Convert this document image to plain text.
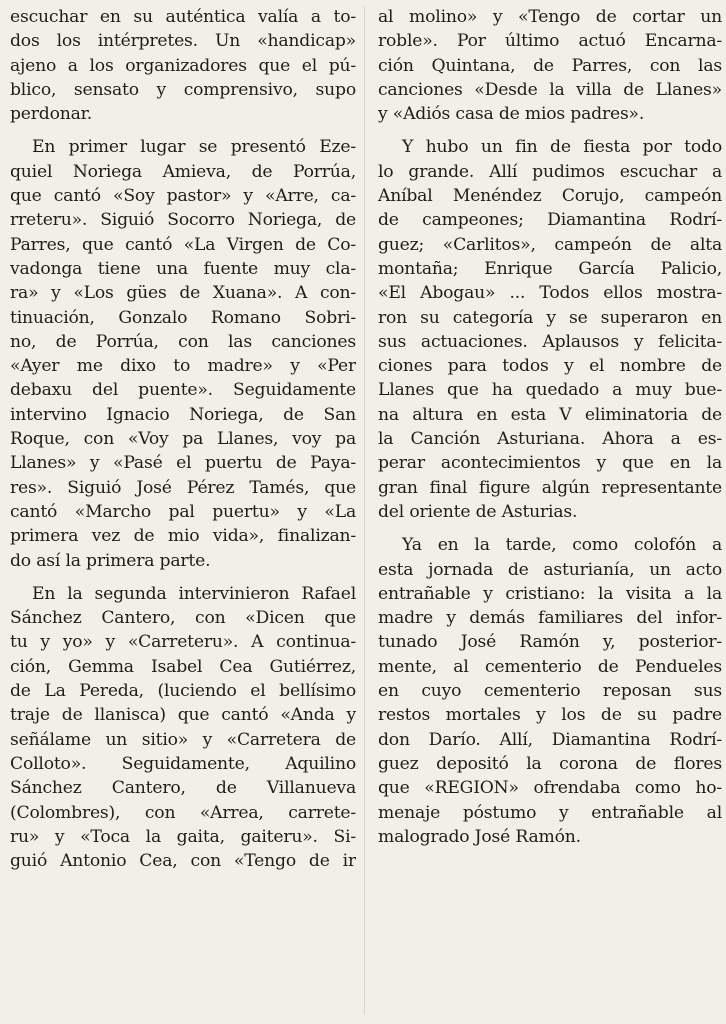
escuchar en su auténtica valía a to-
dos los intérpretes. Un «handicap»
ajeno a los organizadores que el pú-
blico, sensato y comprensivo, supo
perdonar.
En primer lugar se presentó Eze-
quiel Noriega Amieva, de Porrúa,
que cantó «Soy pastor» y «Arre, ca-
rreteru». Siguió Socorro Noriega, de
Parres, que cantó «La Virgen de Co-
vadonga tiene una fuente muy cla-
ra» y «Los gües de Xuana». A con-
tinuación, Gonzalo Romano Sobri-
no, de Porrúa, con las canciones
«Ayer me dixo to madre» y «Per
debaxu del puente». Seguidamente
intervino Ignacio Noriega, de San
Roque, con «Voy pa Llanes, voy pa
Llanes» y «Pasé el puertu de Paya-
res». Siguió José Pérez Tamés, que
cantó «Marcho pal puertu» y «La
primera vez de mio vida», finalizan-
do así la primera parte.
En la segunda intervinieron Rafael
Sánchez Cantero, con «Dicen que
tu y yo» y «Carreteru». A continua-
ción, Gemma Isabel Cea Gutiérrez,
de La Pereda, (luciendo el bellísimo
traje de llanisca) que cantó «Anda y
señálame un sitio» y «Carretera de
Colloto». Seguidamente, Aquilino
Sánchez Cantero, de Villanueva
(Colombres), con «Arrea, carrete-
ru» y «Toca la gaita, gaiteru». Si-
guió Antonio Cea, con «Tengo de ir
al molino» y «Tengo de cortar un
roble». Por último actuó Encarna-
ción Quintana, de Parres, con las
canciones «Desde la villa de Llanes»
y «Adiós casa de mios padres».
Y hubo un fin de fiesta por todo
lo grande. Allí pudimos escuchar a
Aníbal Menéndez Corujo, campeón
de campeones; Diamantina Rodrí-
guez; «Carlitos», campeón de alta
montaña; Enrique García Palicio,
«El Abogau» ... Todos ellos mostra-
ron su categoría y se superaron en
sus actuaciones. Aplausos y felicita-
ciones para todos y el nombre de
Llanes que ha quedado a muy bue-
na altura en esta V eliminatoria de
la Canción Asturiana. Ahora a es-
perar acontecimientos y que en la
gran final figure algún representante
del oriente de Asturias.
Ya en la tarde, como colofón a
esta jornada de asturianía, un acto
entrañable y cristiano: la visita a la
madre y demás familiares del infor-
tunado José Ramón y, posterior-
mente, al cementerio de Pendueles
en cuyo cementerio reposan sus
restos mortales y los de su padre
don Darío. Allí, Diamantina Rodrí-
guez depositó la corona de flores
que «REGION» ofrendaba como ho-
menaje póstumo y entrañable al
malogrado José Ramón.
